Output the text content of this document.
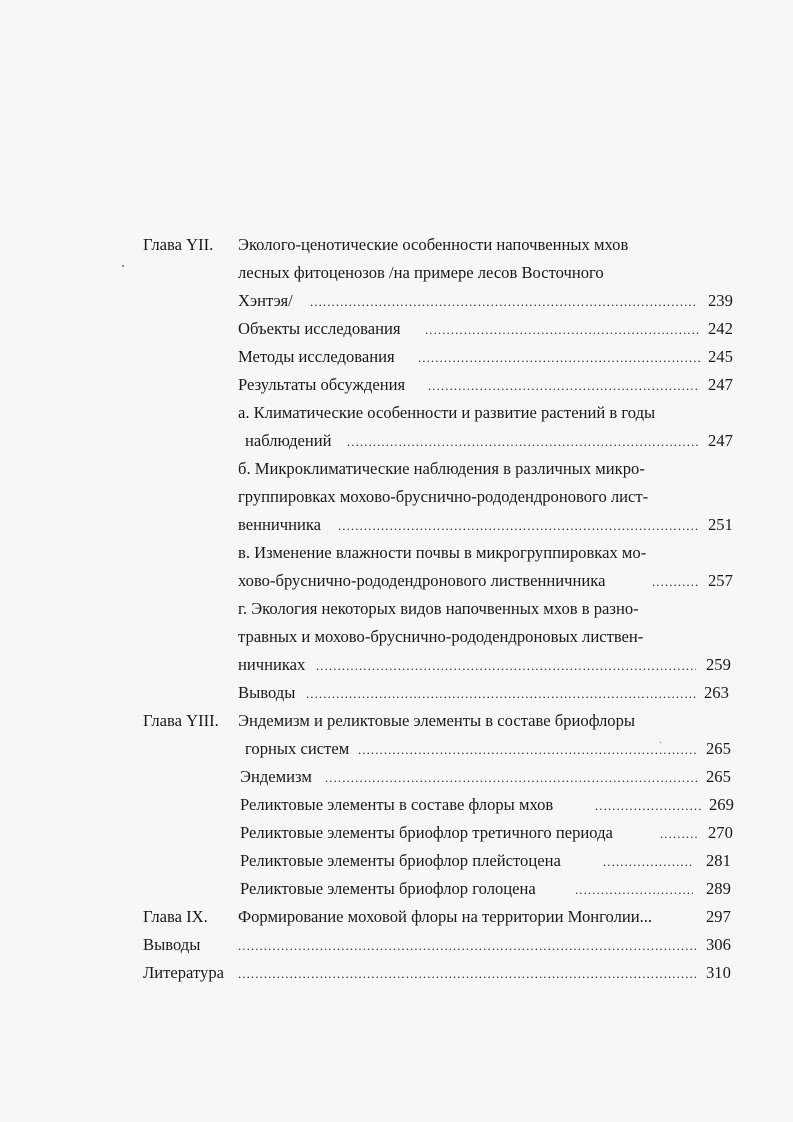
Глава YII. Эколого-ценотические особенности напочвенных мхов
лесных фитоценозов /на примере лесов Восточного
Хэнтэя/ .....	239
Объекты исследования .....	242
Методы исследования .....	245
Результаты обсуждения .....	247
а. Климатические особенности и развитие растений в годы
наблюдений .....	247
б. Микроклиматические наблюдения в различных микро-
группировках мохово-бруснично-рододендронового лист-
венничника .....	251
в. Изменение влажности почвы в микрогруппировках мо-
хово-бруснично-рододендронового лиственничника .....	257
г. Экология некоторых видов напочвенных мхов в разно-
травных и мохово-бруснично-рододендроновых листвен-
ничниках .....	259
Выводы .....	263
Глава YIII. Эндемизм и реликтовые элементы в составе бриофлоры
горных систем .....	265
Эндемизм .....	265
Реликтовые элементы в составе флоры мхов .....	269
Реликтовые элементы бриофлор третичного периода .....	270
Реликтовые элементы бриофлор плейстоцена .....	281
Реликтовые элементы бриофлор голоцена .....	289
Глава IX. Формирование моховой флоры на территории Монголии...	297
Выводы .....	306
Литература .....	310
